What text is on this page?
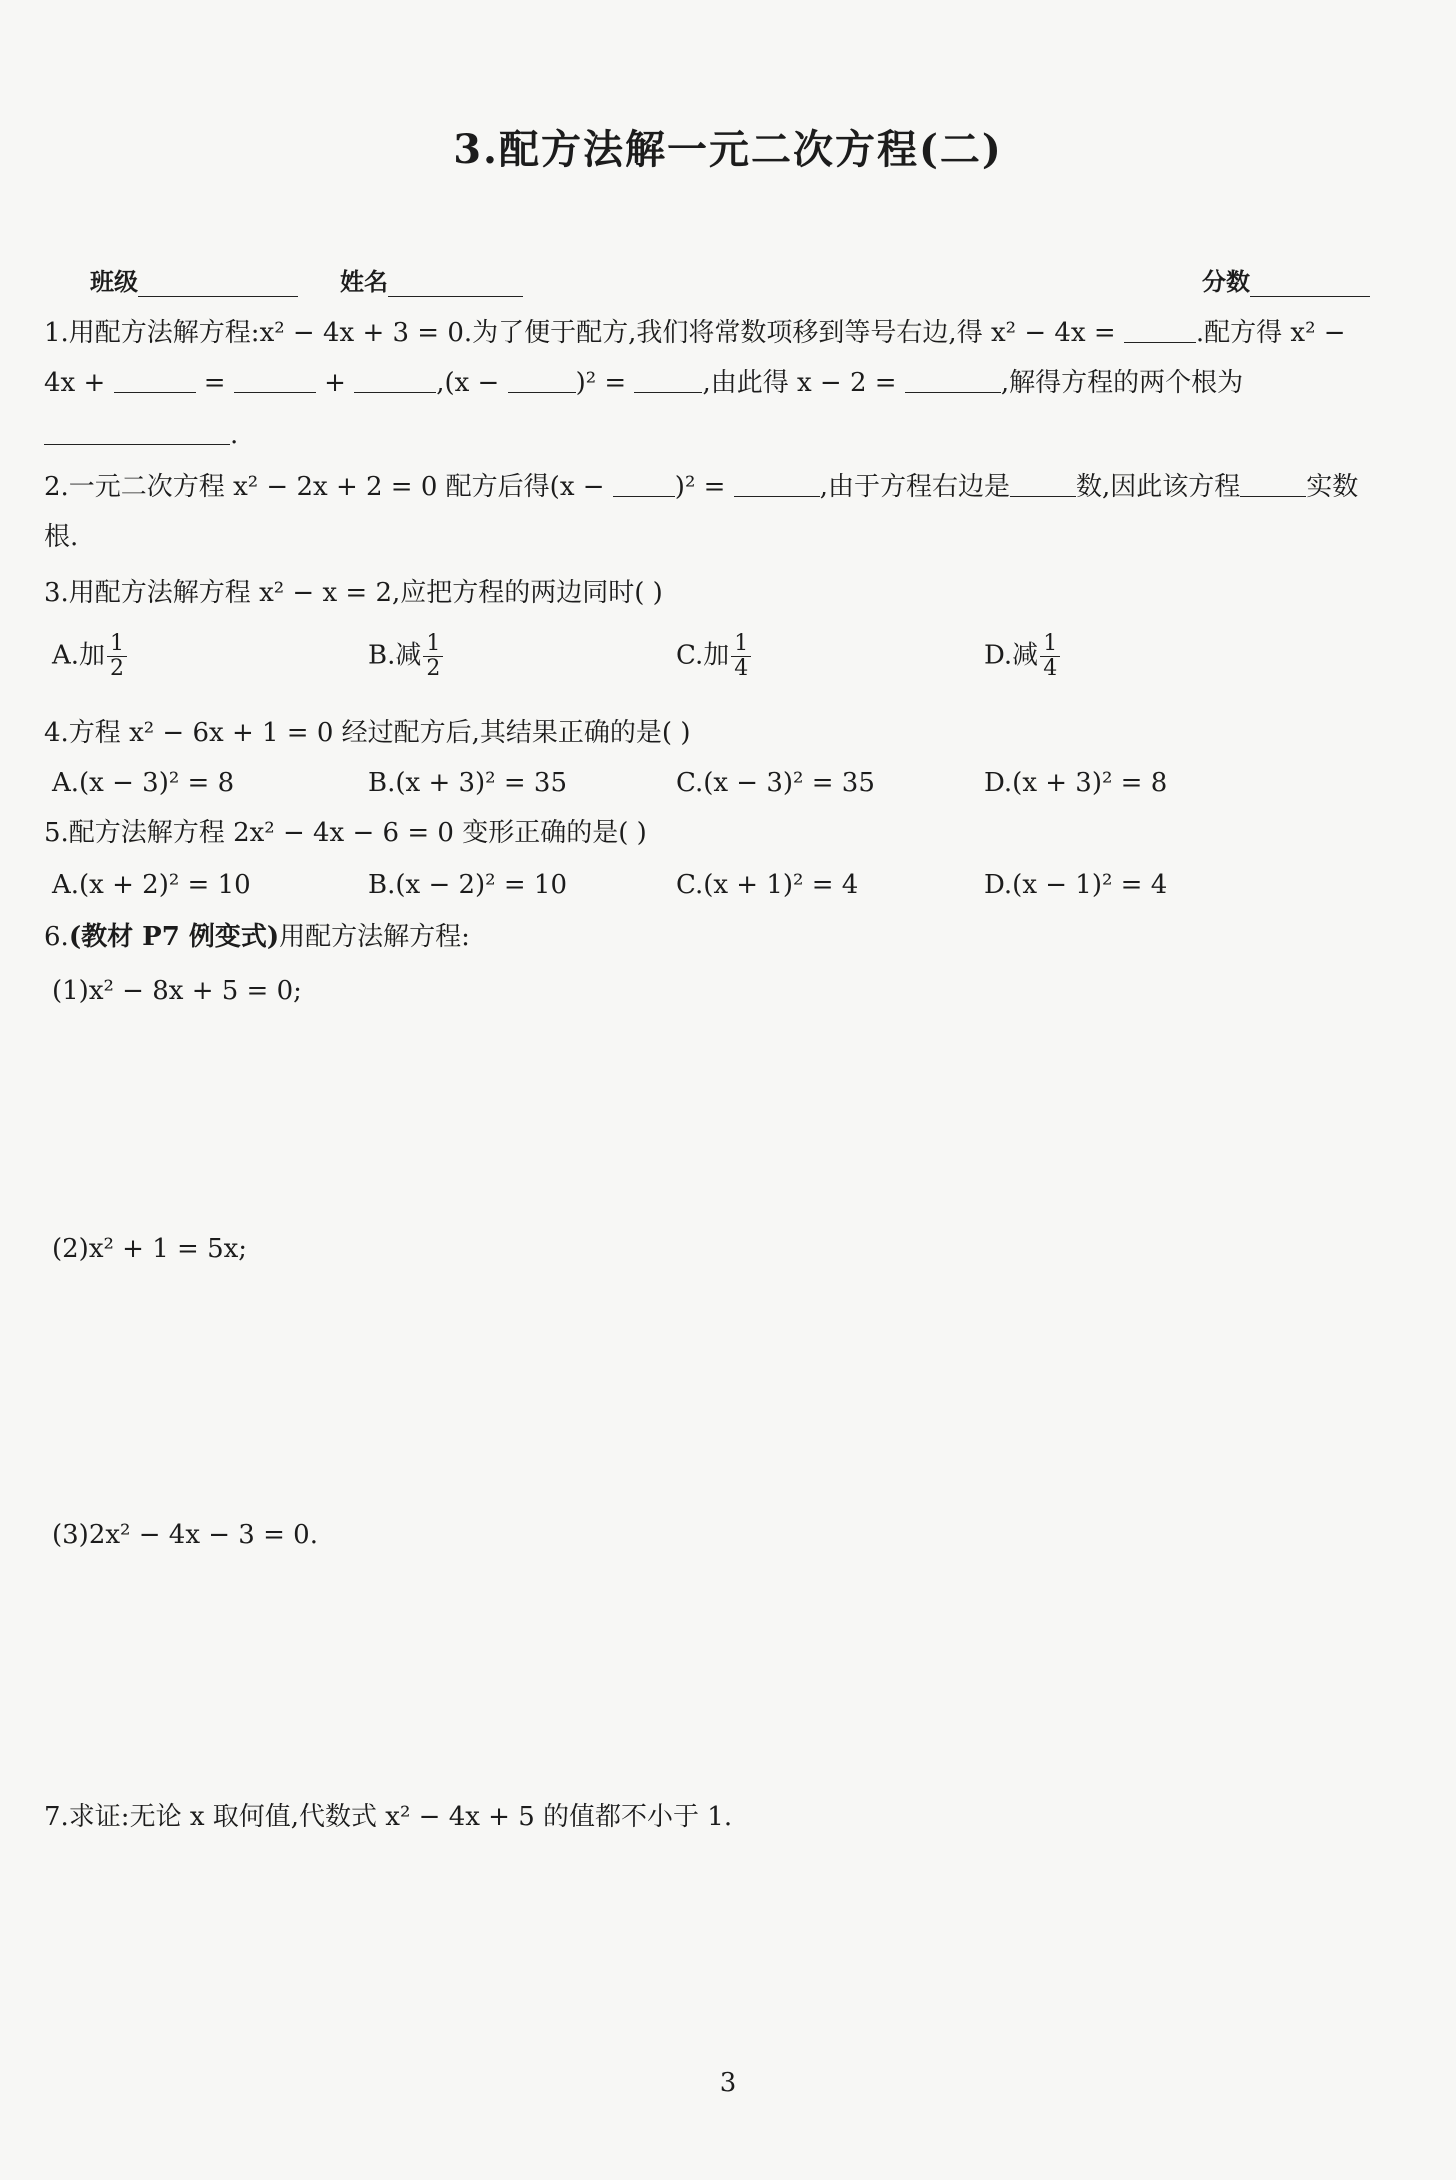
3.配方法解一元二次方程(二)
班级	姓名	分数
1.用配方法解方程:x² − 4x + 3 = 0.为了便于配方,我们将常数项移到等号右边,得 x² − 4x =	.配方得 x² −
4x +	=	+	,(x −	)² =	,由此得 x − 2 =	,解得方程的两个根为
.
2.一元二次方程 x² − 2x + 2 = 0 配方后得(x −	)² =	,由于方程右边是	数,因此该方程	实数
根.
3.用配方法解方程 x² − x = 2,应把方程的两边同时( )
A.加 $\frac{1}{2}$	B.减 $\frac{1}{2}$	C.加 $\frac{1}{4}$	D.减 $\frac{1}{4}$
4.方程 x² − 6x + 1 = 0 经过配方后,其结果正确的是( )
A.(x − 3)² = 8	B.(x + 3)² = 35	C.(x − 3)² = 35	D.(x + 3)² = 8
5.配方法解方程 2x² − 4x − 6 = 0 变形正确的是( )
A.(x + 2)² = 10	B.(x − 2)² = 10	C.(x + 1)² = 4	D.(x − 1)² = 4
6.(教材 P7 例变式)用配方法解方程:
(1)x² − 8x + 5 = 0;
(2)x² + 1 = 5x;
(3)2x² − 4x − 3 = 0.
7.求证:无论 x 取何值,代数式 x² − 4x + 5 的值都不小于 1.
3
